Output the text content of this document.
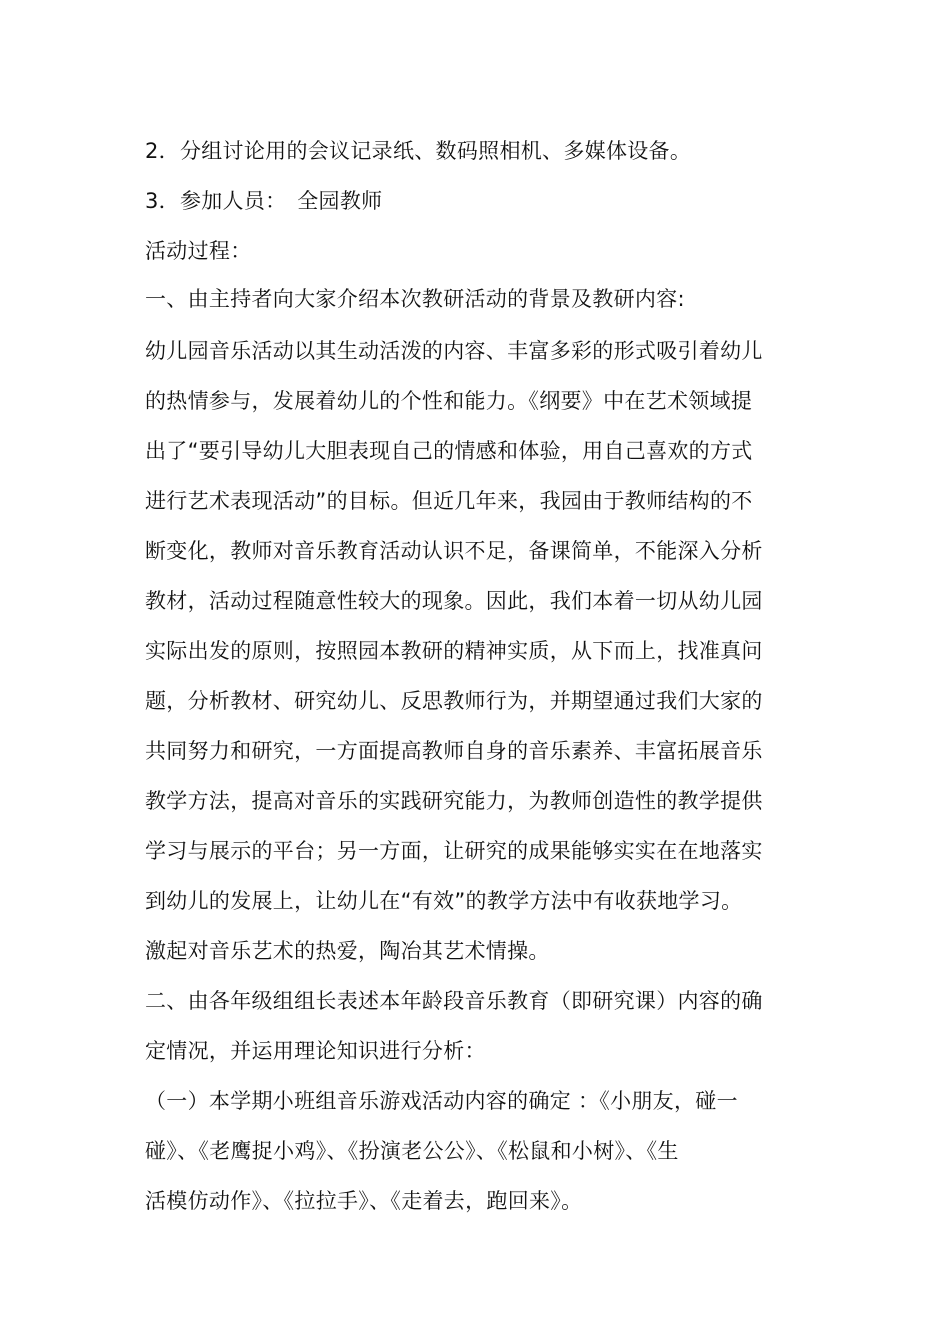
2．分组讨论用的会议记录纸、数码照相机、多媒体设备。
3．参加人员：　全园教师
活动过程：
一、由主持者向大家介绍本次教研活动的背景及教研内容:
幼儿园音乐活动以其生动活泼的内容、丰富多彩的形式吸引着幼儿
的热情参与，发展着幼儿的个性和能力。《纲要》中在艺术领域提
出了“要引导幼儿大胆表现自己的情感和体验，用自己喜欢的方式
进行艺术表现活动”的目标。但近几年来，我园由于教师结构的不
断变化，教师对音乐教育活动认识不足，备课简单，不能深入分析
教材，活动过程随意性较大的现象。因此，我们本着一切从幼儿园
实际出发的原则，按照园本教研的精神实质，从下而上，找准真问
题，分析教材、研究幼儿、反思教师行为，并期望通过我们大家的
共同努力和研究，一方面提高教师自身的音乐素养、丰富拓展音乐
教学方法，提高对音乐的实践研究能力，为教师创造性的教学提供
学习与展示的平台；另一方面，让研究的成果能够实实在在地落实
到幼儿的发展上，让幼儿在“有效”的教学方法中有收获地学习。
激起对音乐艺术的热爱，陶冶其艺术情操。
二、由各年级组组长表述本年龄段音乐教育（即研究课）内容的确
定情况，并运用理论知识进行分析：
（一）本学期小班组音乐游戏活动内容的确定 ：《小朋友，碰一
碰》、《老鹰捉小鸡》、《扮演老公公》、《松鼠和小树》、《生
活模仿动作》、《拉拉手》、《走着去，跑回来》。
